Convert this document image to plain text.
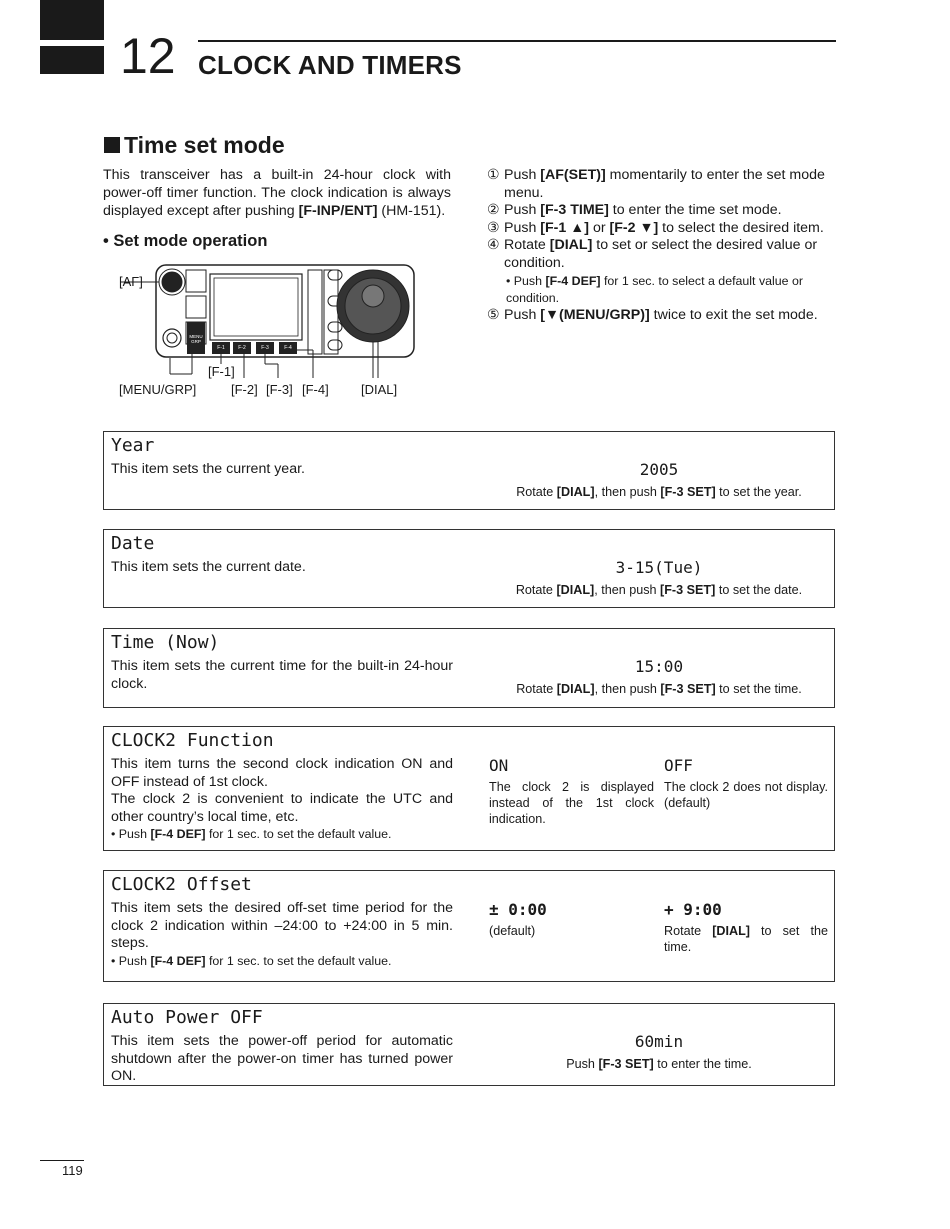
12 CLOCK AND TIMERS
Time set mode
This transceiver has a built-in 24-hour clock with power-off timer function. The clock indication is always displayed except after pushing [F-INP/ENT] (HM-151).
• Set mode operation
MENU
GRP
F-1	F-2	F-3	F-4
[AF]
[F-1]
[MENU/GRP]	[F-2] [F-3] [F-4] [DIAL]
① Push [AF(SET)] momentarily to enter the set mode menu.
② Push [F-3 TIME] to enter the time set mode.
③ Push [F-1 ▲] or [F-2 ▼] to select the desired item.
④ Rotate [DIAL] to set or select the desired value or condition.
• Push [F-4 DEF] for 1 sec. to select a default value or condition.
⑤ Push [▼(MENU/GRP)] twice to exit the set mode.
Year
This item sets the current year.	2005
Rotate [DIAL], then push [F-3 SET] to set the year.
Date
This item sets the current date.	3-15(Tue)
Rotate [DIAL], then push [F-3 SET] to set the date.
Time (Now)
This item sets the current time for the built-in 24-hour clock.
15:00
Rotate [DIAL], then push [F-3 SET] to set the time.
CLOCK2 Function
This item turns the second clock indication ON and OFF instead of 1st clock.
The clock 2 is convenient to indicate the UTC and other country’s local time, etc.
• Push [F-4 DEF] for 1 sec. to set the default value.
ON
The clock 2 is displayed instead of the 1st clock indication.
OFF
The clock 2 does not display. (default)
CLOCK2 Offset
This item sets the desired off-set time period for the clock 2 indication within –24:00 to +24:00 in 5 min. steps.
• Push [F-4 DEF] for 1 sec. to set the default value.
± 0:00
(default)
+ 9:00
Rotate [DIAL] to set the time.
Auto Power OFF
This item sets the power-off period for automatic shutdown after the power-on timer has turned power ON.
60min
Push [F-3 SET] to enter the time.
119
